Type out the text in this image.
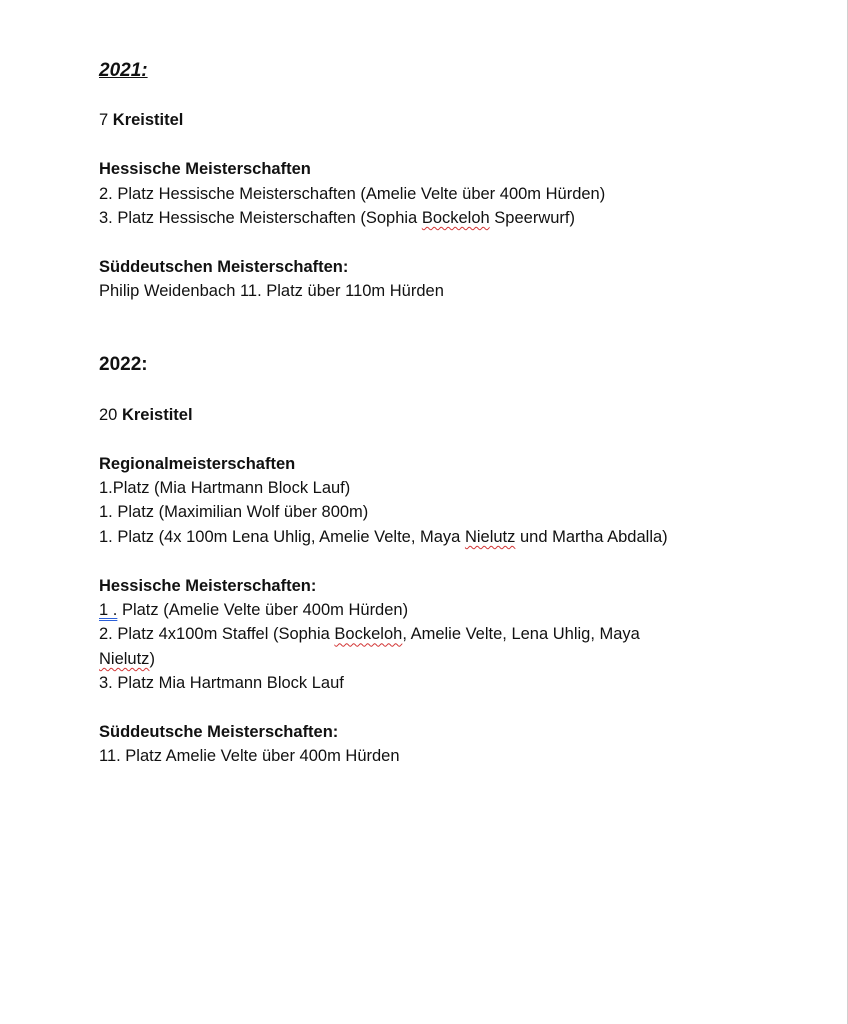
2021:

7 Kreistitel

Hessische Meisterschaften

2. Platz Hessische Meisterschaften (Amelie Velte über 400m Hürden)

3. Platz Hessische Meisterschaften (Sophia Bockeloh Speerwurf)

Süddeutschen Meisterschaften:

Philip Weidenbach 11. Platz über 110m Hürden

2022:

20 Kreistitel

Regionalmeisterschaften

1.Platz (Mia Hartmann Block Lauf)

1. Platz (Maximilian Wolf über 800m)

1. Platz (4x 100m Lena Uhlig, Amelie Velte, Maya Nielutz und Martha Abdalla)

Hessische Meisterschaften:

1 . Platz (Amelie Velte über 400m Hürden)

2. Platz 4x100m Staffel (Sophia Bockeloh, Amelie Velte, Lena Uhlig, Maya

Nielutz)

3. Platz Mia Hartmann Block Lauf

Süddeutsche Meisterschaften:

11. Platz Amelie Velte über 400m Hürden
